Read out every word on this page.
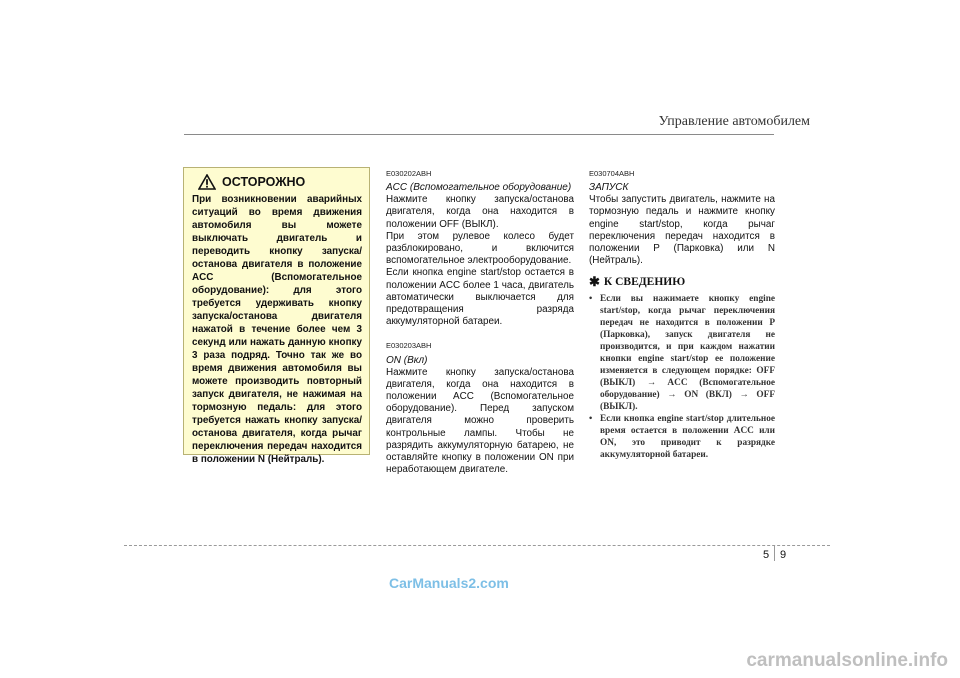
Управление автомобилем
ОСТОРОЖНО
При возникновении аварийных ситуаций во время движения автомобиля вы можете выключать двигатель и переводить кнопку запуска/останова двигателя в положение ACC (Вспомогательное оборудование): для этого требуется удерживать кнопку запуска/останова двигателя нажатой в течение более чем 3 секунд или нажать данную кнопку 3 раза подряд. Точно так же во время движения автомобиля вы можете производить повторный запуск двигателя, не нажимая на тормозную педаль: для этого требуется нажать кнопку запуска/останова двигателя, когда рычаг переключения передач находится в положении N (Нейтраль).
E030202ABH
ACC (Вспомогательное оборудование)

Нажмите кнопку запуска/останова двигателя, когда она находится в положении OFF (ВЫКЛ).

При этом рулевое колесо будет разблокировано, и включится вспомогательное электрооборудование.

Если кнопка engine start/stop остается в положении ACC более 1 часа, двигатель автоматически выключается для предотвращения разряда аккумуляторной батареи.

E030203ABH
ON (Вкл)

Нажмите кнопку запуска/останова двигателя, когда она находится в положении ACC (Вспомогательное оборудование). Перед запуском двигателя можно проверить контрольные лампы. Чтобы не разрядить аккумуляторную батарею, не оставляйте кнопку в положении ON при неработающем двигателе.

E030704ABH
ЗАПУСК

Чтобы запустить двигатель, нажмите на тормозную педаль и нажмите кнопку engine start/stop, когда рычаг переключения передач находится в положении P (Парковка) или N (Нейтраль).

✱ К СВЕДЕНИЮ
• Если вы нажимаете кнопку engine start/stop, когда рычаг переключения передач не находится в положении P (Парковка), запуск двигателя не производится, и при каждом нажатии кнопки engine start/stop ее положение изменяется в следующем порядке: OFF (ВЫКЛ) → ACC (Вспомогательное оборудование) → ON (ВКЛ) → OFF (ВЫКЛ).
• Если кнопка engine start/stop длительное время остается в положении ACC или ON, это приводит к разрядке аккумуляторной батареи.
5 9
CarManuals2.com
carmanualsonline.info
